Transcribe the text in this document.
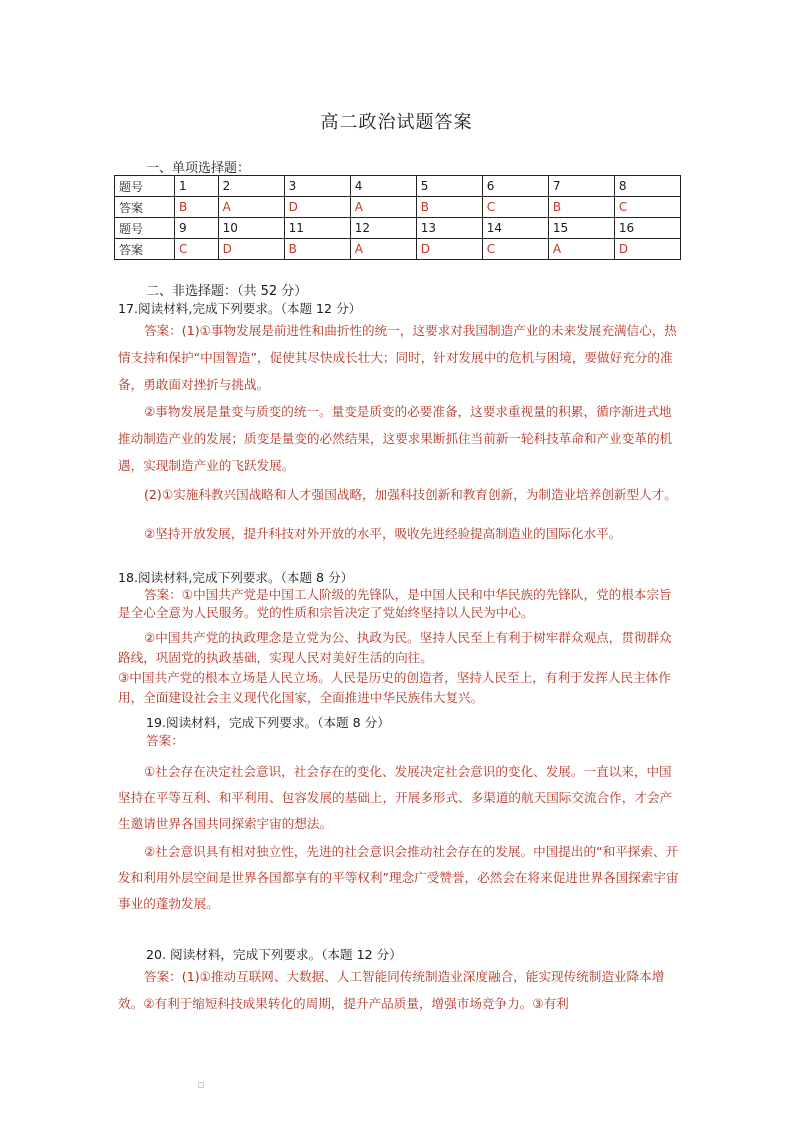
高二政治试题答案
一、单项选择题：
题号	1	2	3	4	5	6	7	8
答案	B	A	D	A	B	C	B	C
题号	9	10	11	12	13	14	15	16
答案	C	D	B	A	D	C	A	D
二、非选择题：（共 52 分）
17.阅读材料,完成下列要求。（本题 12 分）

答案：(1)①事物发展是前进性和曲折性的统一，这要求对我国制造产业的未来发展充满信心，热情支持和保护“中国智造”，促使其尽快成长壮大；同时，针对发展中的危机与困境，要做好充分的准备，勇敢面对挫折与挑战。

②事物发展是量变与质变的统一。量变是质变的必要准备，这要求重视量的积累，循序渐进式地推动制造产业的发展；质变是量变的必然结果，这要求果断抓住当前新一轮科技革命和产业变革的机遇，实现制造产业的飞跃发展。

(2)①实施科教兴国战略和人才强国战略，加强科技创新和教育创新，为制造业培养创新型人才。

②坚持开放发展，提升科技对外开放的水平，吸收先进经验提高制造业的国际化水平。

18.阅读材料,完成下列要求。（本题 8 分）

答案：①中国共产党是中国工人阶级的先锋队，是中国人民和中华民族的先锋队，党的根本宗旨是全心全意为人民服务。党的性质和宗旨决定了党始终坚持以人民为中心。

②中国共产党的执政理念是立党为公、执政为民。坚持人民至上有利于树牢群众观点，贯彻群众路线，巩固党的执政基础，实现人民对美好生活的向往。

③中国共产党的根本立场是人民立场。人民是历史的创造者，坚持人民至上，有利于发挥人民主体作用，全面建设社会主义现代化国家，全面推进中华民族伟大复兴。

19.阅读材料，完成下列要求。（本题 8 分）
答案：

①社会存在决定社会意识，社会存在的变化、发展决定社会意识的变化、发展。一直以来，中国坚持在平等互利、和平利用、包容发展的基础上，开展多形式、多渠道的航天国际交流合作，才会产生邀请世界各国共同探索宇宙的想法。

②社会意识具有相对独立性，先进的社会意识会推动社会存在的发展。中国提出的“和平探索、开发和利用外层空间是世界各国都享有的平等权利”理念广受赞誉，必然会在将来促进世界各国探索宇宙事业的蓬勃发展。

20. 阅读材料，完成下列要求。（本题 12 分）

答案：(1)①推动互联网、大数据、人工智能同传统制造业深度融合，能实现传统制造业降本增效。②有利于缩短科技成果转化的周期，提升产品质量，增强市场竞争力。③有利
